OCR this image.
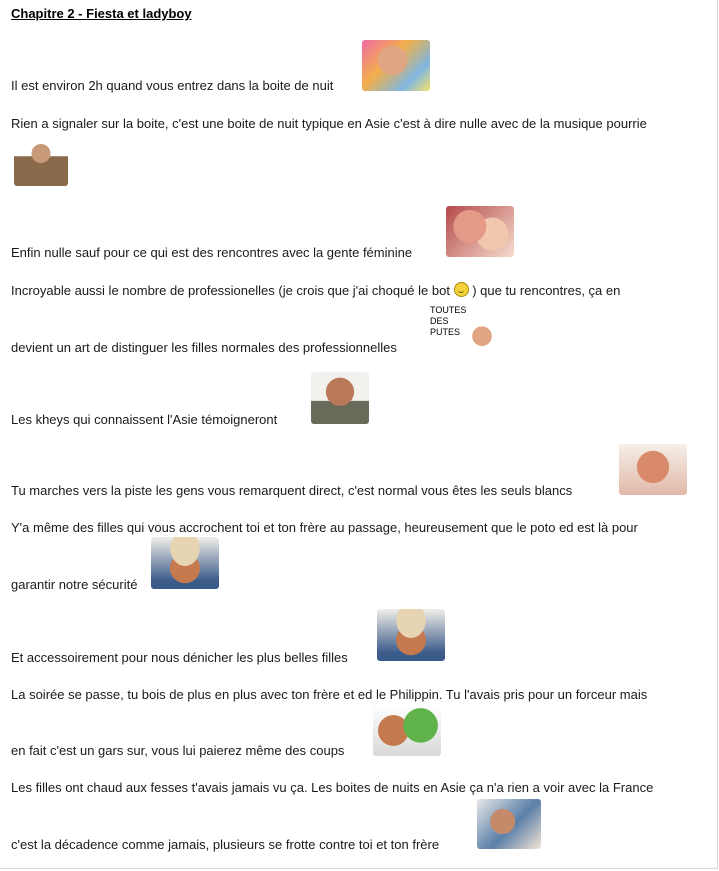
Chapitre 2 - Fiesta et ladyboy
Il est environ 2h quand vous entrez dans la boite de nuit
Rien a signaler sur la boite, c'est une boite de nuit typique en Asie c'est à dire nulle avec de la musique pourrie
Enfin nulle sauf pour ce qui est des rencontres avec la gente féminine
Incroyable aussi le nombre de professionelles (je crois que j'ai choqué le bot ) que tu rencontres, ça en
devient un art de distinguer les filles normales des professionnelles
TOUTES
DES
PUTES
Les kheys qui connaissent l'Asie témoigneront
Tu marches vers la piste les gens vous remarquent direct, c'est normal vous êtes les seuls blancs
Y'a même des filles qui vous accrochent toi et ton frère au passage, heureusement que le poto ed est là pour
garantir notre sécurité
Et accessoirement pour nous dénicher les plus belles filles
La soirée se passe, tu bois de plus en plus avec ton frère et ed le Philippin. Tu l'avais pris pour un forceur mais
en fait c'est un gars sur, vous lui paierez même des coups
Les filles ont chaud aux fesses t'avais jamais vu ça. Les boites de nuits en Asie ça n'a rien a voir avec la France
c'est la décadence comme jamais, plusieurs se frotte contre toi et ton frère
